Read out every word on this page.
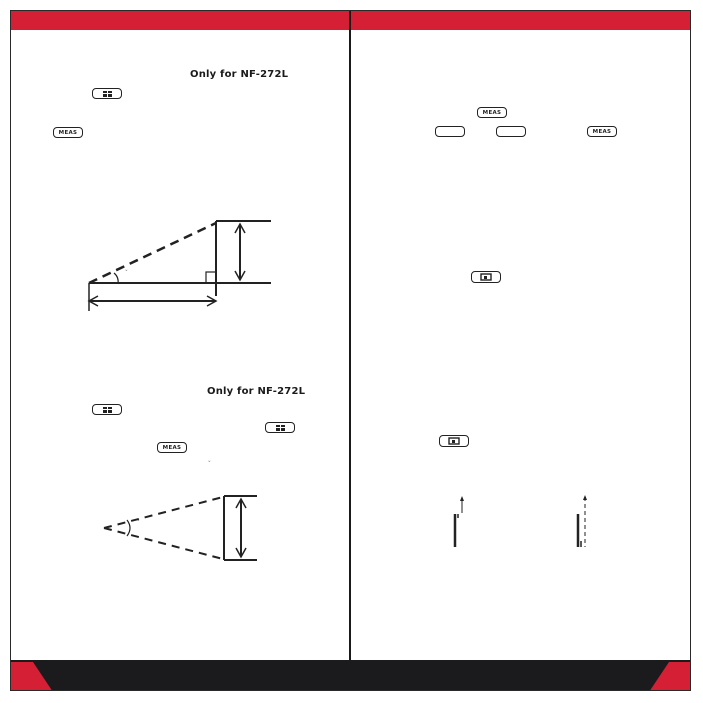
Only for NF-272L
MEAS
˘
Only for NF-272L
MEAS
˘
˘
MEAS
MEAS
